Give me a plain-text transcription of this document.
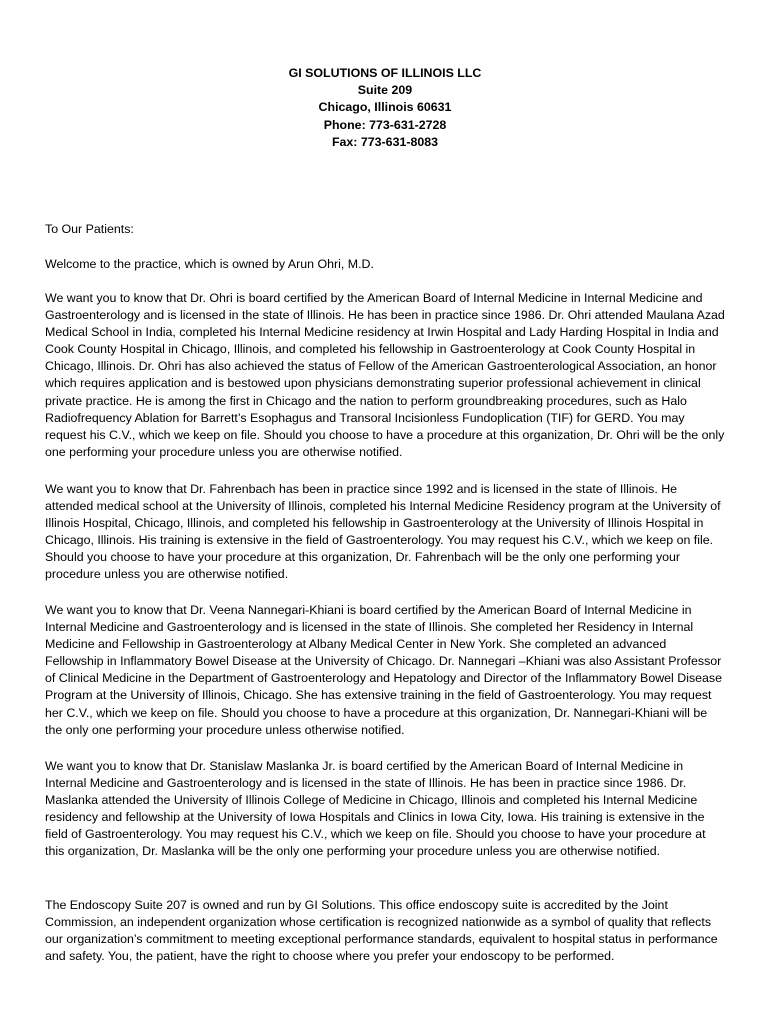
GI SOLUTIONS OF ILLINOIS LLC
Suite 209
Chicago, Illinois 60631
Phone: 773-631-2728
Fax: 773-631-8083

To Our Patients:

Welcome to the practice, which is owned by Arun Ohri, M.D.

We want you to know that Dr. Ohri is board certified by the American Board of Internal Medicine in Internal Medicine and Gastroenterology and is licensed in the state of Illinois. He has been in practice since 1986. Dr. Ohri attended Maulana Azad Medical School in India, completed his Internal Medicine residency at Irwin Hospital and Lady Harding Hospital in India and Cook County Hospital in Chicago, Illinois, and completed his fellowship in Gastroenterology at Cook County Hospital in Chicago, Illinois. Dr. Ohri has also achieved the status of Fellow of the American Gastroenterological Association, an honor which requires application and is bestowed upon physicians demonstrating superior professional achievement in clinical private practice. He is among the first in Chicago and the nation to perform groundbreaking procedures, such as Halo Radiofrequency Ablation for Barrett’s Esophagus and Transoral Incisionless Fundoplication (TIF) for GERD. You may request his C.V., which we keep on file. Should you choose to have a procedure at this organization, Dr. Ohri will be the only one performing your procedure unless you are otherwise notified.

We want you to know that Dr. Fahrenbach has been in practice since 1992 and is licensed in the state of Illinois. He attended medical school at the University of Illinois, completed his Internal Medicine Residency program at the University of Illinois Hospital, Chicago, Illinois, and completed his fellowship in Gastroenterology at the University of Illinois Hospital in Chicago, Illinois. His training is extensive in the field of Gastroenterology. You may request his C.V., which we keep on file. Should you choose to have your procedure at this organization, Dr. Fahrenbach will be the only one performing your procedure unless you are otherwise notified.

We want you to know that Dr. Veena Nannegari-Khiani is board certified by the American Board of Internal Medicine in Internal Medicine and Gastroenterology and is licensed in the state of Illinois. She completed her Residency in Internal Medicine and Fellowship in Gastroenterology at Albany Medical Center in New York. She completed an advanced Fellowship in Inflammatory Bowel Disease at the University of Chicago. Dr. Nannegari –Khiani was also Assistant Professor of Clinical Medicine in the Department of Gastroenterology and Hepatology and Director of the Inflammatory Bowel Disease Program at the University of Illinois, Chicago. She has extensive training in the field of Gastroenterology. You may request her C.V., which we keep on file. Should you choose to have a procedure at this organization, Dr. Nannegari-Khiani will be the only one performing your procedure unless otherwise notified.

We want you to know that Dr. Stanislaw Maslanka Jr. is board certified by the American Board of Internal Medicine in Internal Medicine and Gastroenterology and is licensed in the state of Illinois. He has been in practice since 1986. Dr. Maslanka attended the University of Illinois College of Medicine in Chicago, Illinois and completed his Internal Medicine residency and fellowship at the University of Iowa Hospitals and Clinics in Iowa City, Iowa. His training is extensive in the field of Gastroenterology. You may request his C.V., which we keep on file. Should you choose to have your procedure at this organization, Dr. Maslanka will be the only one performing your procedure unless you are otherwise notified.

The Endoscopy Suite 207 is owned and run by GI Solutions. This office endoscopy suite is accredited by the Joint Commission, an independent organization whose certification is recognized nationwide as a symbol of quality that reflects our organization’s commitment to meeting exceptional performance standards, equivalent to hospital status in performance and safety. You, the patient, have the right to choose where you prefer your endoscopy to be performed.
